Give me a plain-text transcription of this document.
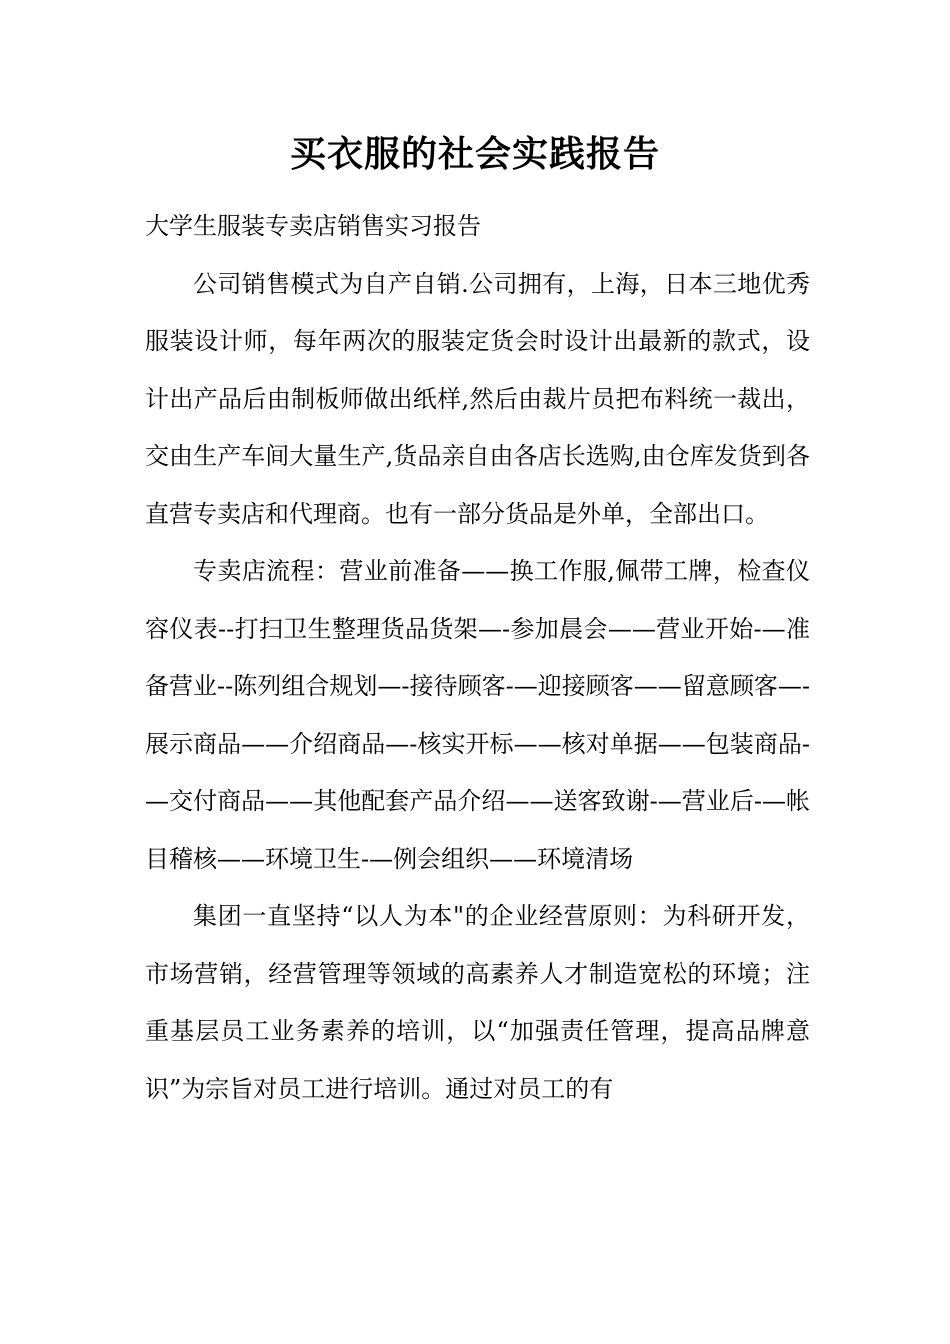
买衣服的社会实践报告
大学生服装专卖店销售实习报告

公司销售模式为自产自销.公司拥有，上海，日本三地优秀服装设计师，每年两次的服装定货会时设计出最新的款式，设计出产品后由制板师做出纸样,然后由裁片员把布料统一裁出，交由生产车间大量生产,货品亲自由各店长选购,由仓库发货到各直营专卖店和代理商。也有一部分货品是外单，全部出口。

专卖店流程：营业前准备——换工作服,佩带工牌，检查仪容仪表--打扫卫生整理货品货架—-参加晨会——营业开始-—准备营业--陈列组合规划—-接待顾客-—迎接顾客——留意顾客—-展示商品——介绍商品—-核实开标——核对单据——包装商品-—交付商品——其他配套产品介绍——送客致谢-—营业后-—帐目稽核——环境卫生-—例会组织——环境清场

集团一直坚持“以人为本"的企业经营原则：为科研开发，市场营销，经营管理等领域的高素养人才制造宽松的环境；注重基层员工业务素养的培训，以“加强责任管理，提高品牌意识”为宗旨对员工进行培训。通过对员工的有
